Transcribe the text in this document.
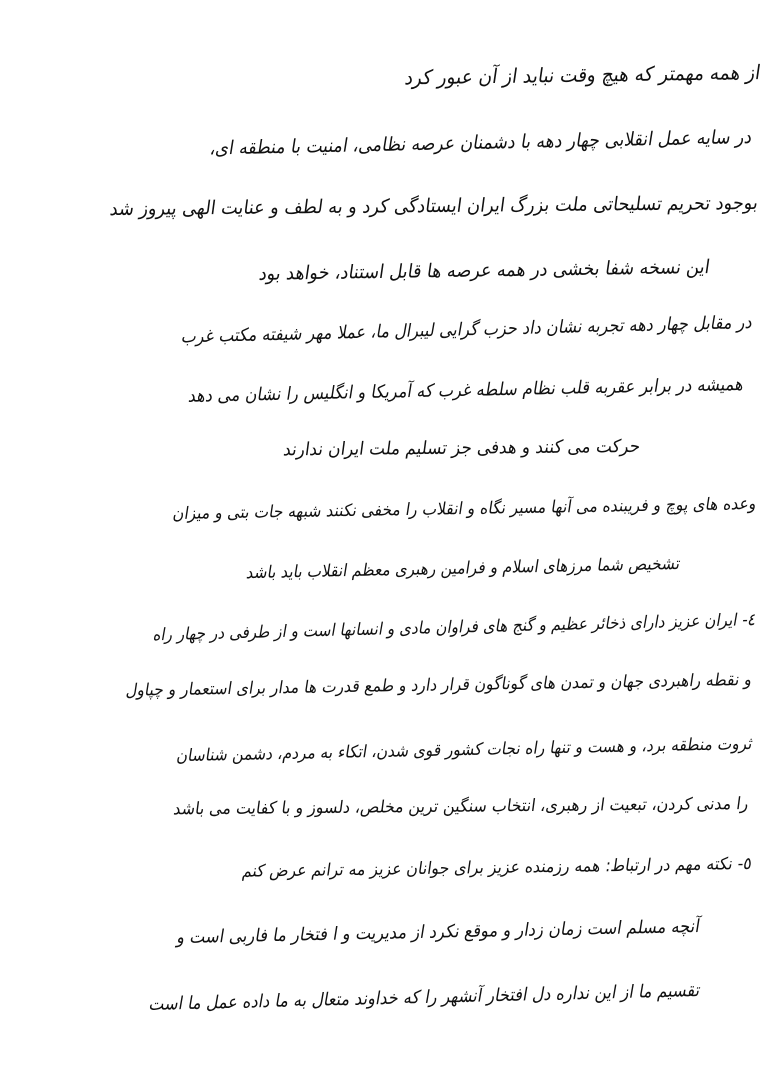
از همه مهمتر که هیچ وقت نباید از آن عبور کرد
در سایه عمل انقلابی چهار دهه با دشمنان عرصه نظامی، امنیت با منطقه ای،
بوجود تحریم تسلیحاتی ملت بزرگ ایران ایستادگی کرد و به لطف و عنایت الهی پیروز شد
این نسخه شفا بخشی در همه عرصه ها قابل استناد، خواهد بود
در مقابل چهار دهه تجربه نشان داد حزب گرایی لیبرال ما، عملا مهر شیفته مکتب غرب
همیشه در برابر عقربه قلب نظام سلطه غرب که آمریکا و انگلیس را نشان می دهد
حرکت می کنند و هدفی جز تسلیم ملت ایران ندارند
وعده های پوچ و فریبنده می آنها مسیر نگاه و انقلاب را مخفی نکنند شبهه جات بتی و میزان
تشخیص شما مرزهای اسلام و فرامین رهبری معظم انقلاب باید باشد
٤- ایران عزیز دارای ذخائر عظیم و گنج های فراوان مادی و انسانها است و از طرفی در چهار راه
و نقطه راهبردی جهان و تمدن های گوناگون قرار دارد و طمع قدرت ها مدار برای استعمار و چپاول
ثروت منطقه برد، و هست و تنها راه نجات کشور قوی شدن، اتکاء به مردم، دشمن شناسان
را مدنی کردن، تبعیت از رهبری، انتخاب سنگین ترین مخلص، دلسوز و با کفایت می باشد
٥- نکته مهم در ارتباط: همه رزمنده عزیز برای جوانان عزیز مه ترانم عرض کنم
آنچه مسلم است زمان زدار و موقع نکرد از مدیریت و ا فتخار ما فاربی است و
تقسیم ما از این نداره دل افتخار آنشهر را که خداوند متعال به ما داده عمل ما است
